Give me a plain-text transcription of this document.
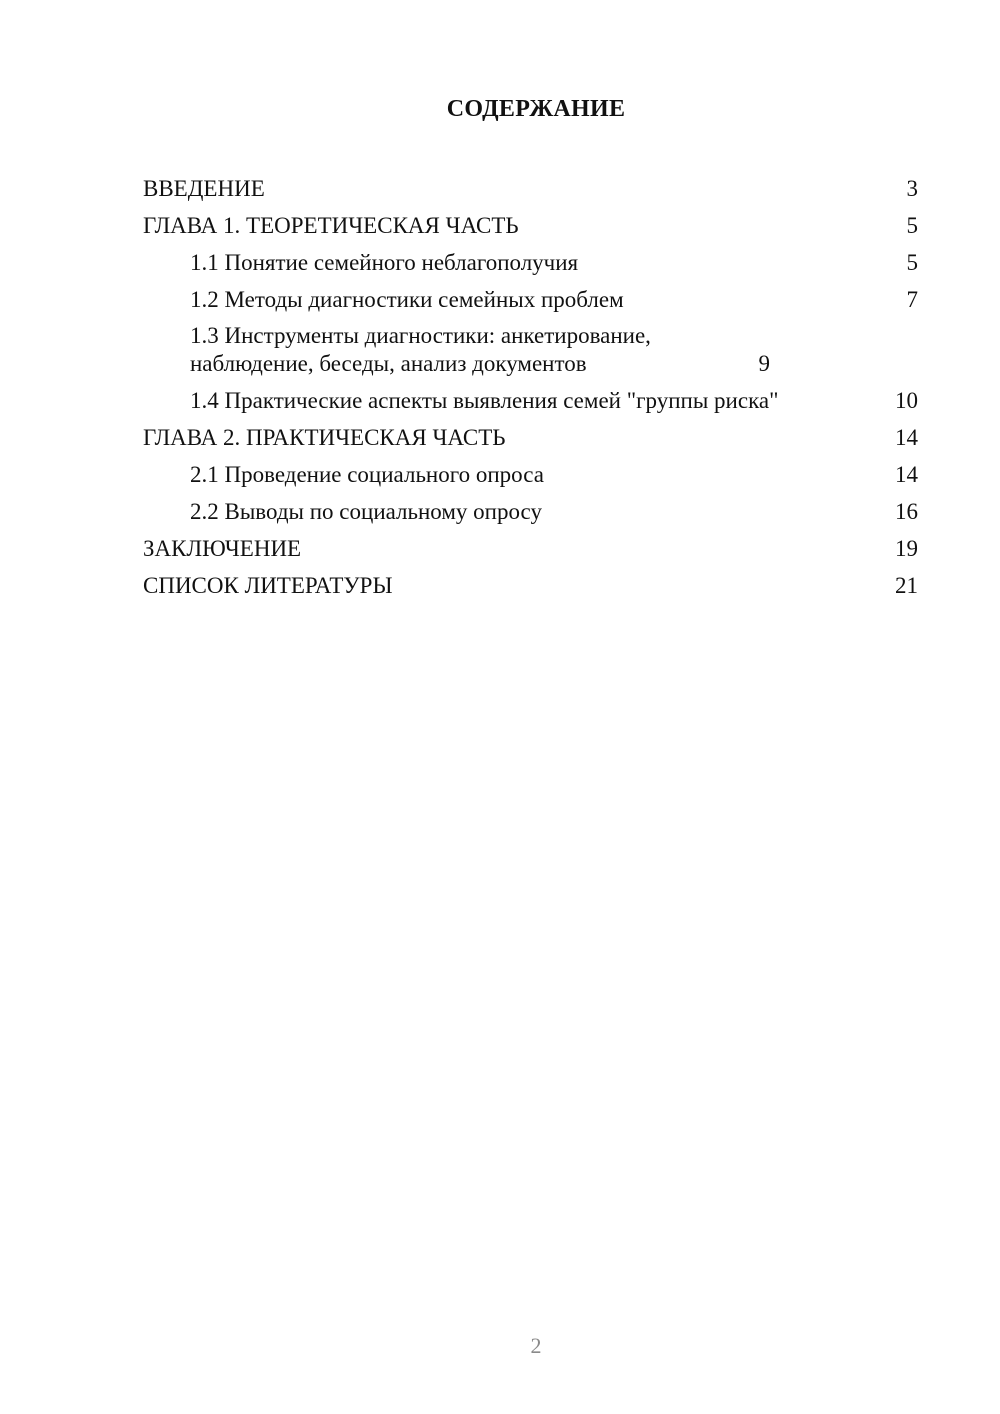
СОДЕРЖАНИЕ
ВВЕДЕНИЕ	3
ГЛАВА 1. ТЕОРЕТИЧЕСКАЯ ЧАСТЬ	5
1.1 Понятие семейного неблагополучия	5
1.2 Методы диагностики семейных проблем	7
1.3 Инструменты диагностики: анкетирование, наблюдение, беседы, анализ документов	9
1.4 Практические аспекты выявления семей "группы риска"	10
ГЛАВА 2. ПРАКТИЧЕСКАЯ ЧАСТЬ	14
2.1 Проведение социального опроса	14
2.2 Выводы по социальному опросу	16
ЗАКЛЮЧЕНИЕ	19
СПИСОК ЛИТЕРАТУРЫ	21
2
